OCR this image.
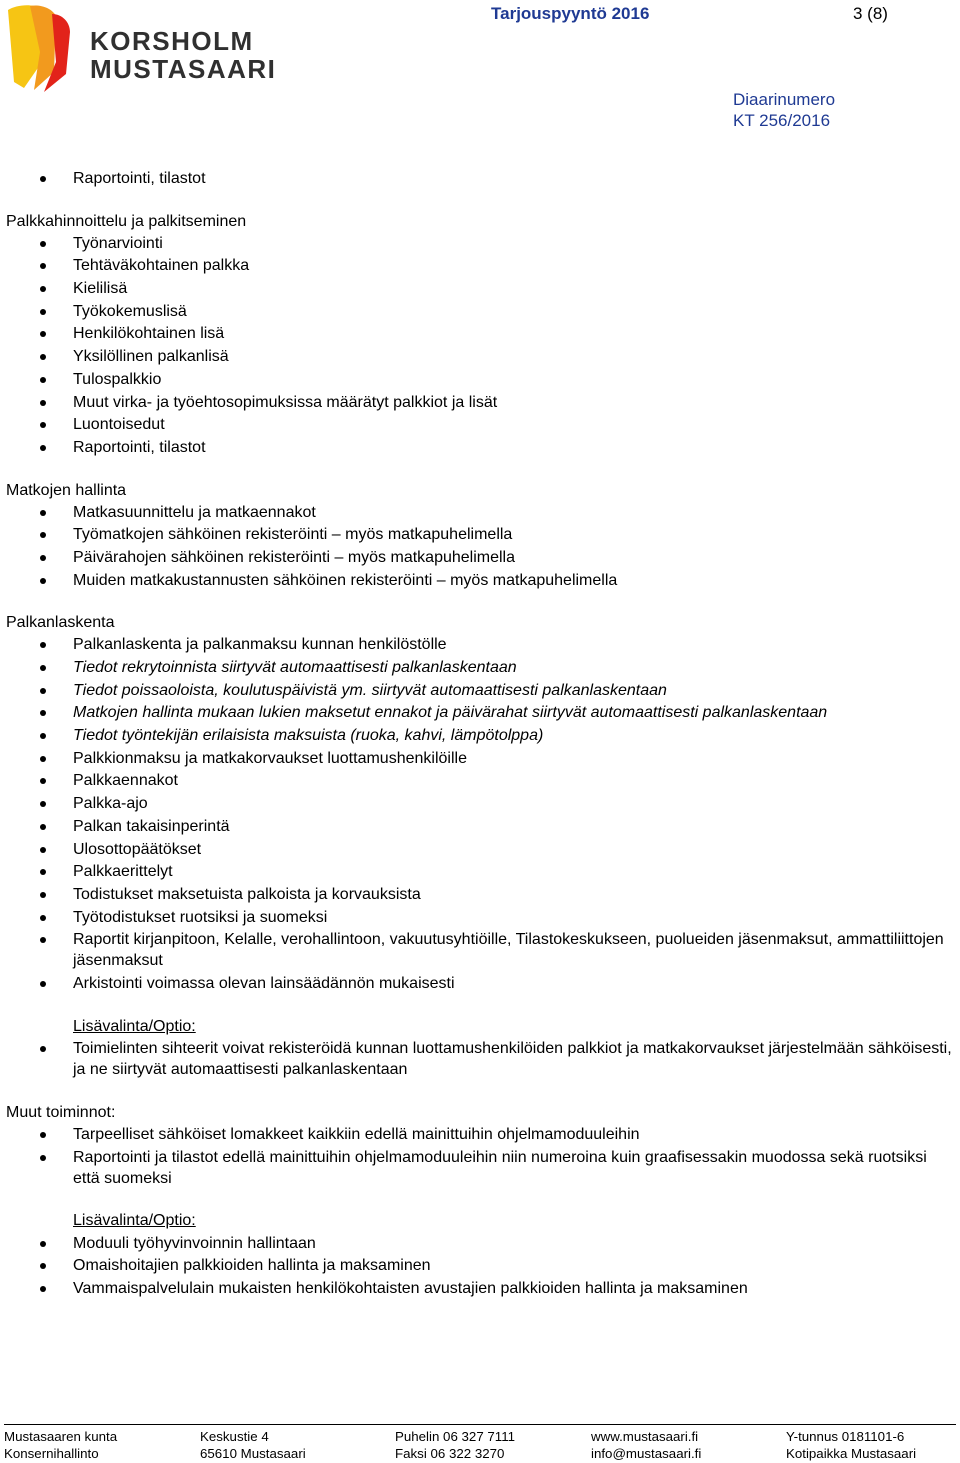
KORSHOLM
MUSTASAARI
Tarjouspyyntö 2016	3 (8)
Diaarinumero
KT 256/2016
Raportointi, tilastot
Palkkahinnoittelu ja palkitseminen
Työnarviointi
Tehtäväkohtainen palkka
Kielilisä
Työkokemuslisä
Henkilökohtainen lisä
Yksilöllinen palkanlisä
Tulospalkkio
Muut virka- ja työehtosopimuksissa määrätyt palkkiot ja lisät
Luontoisedut
Raportointi, tilastot
Matkojen hallinta
Matkasuunnittelu ja matkaennakot
Työmatkojen sähköinen rekisteröinti – myös matkapuhelimella
Päivärahojen sähköinen rekisteröinti – myös matkapuhelimella
Muiden matkakustannusten sähköinen rekisteröinti – myös matkapuhelimella
Palkanlaskenta
Palkanlaskenta ja palkanmaksu kunnan henkilöstölle
Tiedot rekrytoinnista siirtyvät automaattisesti palkanlaskentaan
Tiedot poissaoloista, koulutuspäivistä ym. siirtyvät automaattisesti palkanlaskentaan
Matkojen hallinta mukaan lukien maksetut ennakot ja päivärahat siirtyvät automaattisesti palkanlaskentaan
Tiedot työntekijän erilaisista maksuista (ruoka, kahvi, lämpötolppa)
Palkkionmaksu ja matkakorvaukset luottamushenkilöille
Palkkaennakot
Palkka-ajo
Palkan takaisinperintä
Ulosottopäätökset
Palkkaerittelyt
Todistukset maksetuista palkoista ja korvauksista
Työtodistukset ruotsiksi ja suomeksi
Raportit kirjanpitoon, Kelalle, verohallintoon, vakuutusyhtiöille, Tilastokeskukseen, puolueiden jäsenmaksut, ammattiliittojen jäsenmaksut
Arkistointi voimassa olevan lainsäädännön mukaisesti
Lisävalinta/Optio:
Toimielinten sihteerit voivat rekisteröidä kunnan luottamushenkilöiden palkkiot ja matkakorvaukset järjestelmään sähköisesti, ja ne siirtyvät automaattisesti palkanlaskentaan
Muut toiminnot:
Tarpeelliset sähköiset lomakkeet kaikkiin edellä mainittuihin ohjelmamoduuleihin
Raportointi ja tilastot edellä mainittuihin ohjelmamoduuleihin niin numeroina kuin graafisessakin muodossa sekä ruotsiksi että suomeksi
Lisävalinta/Optio:
Moduuli työhyvinvoinnin hallintaan
Omaishoitajien palkkioiden hallinta ja maksaminen
Vammaispalvelulain mukaisten henkilökohtaisten avustajien palkkioiden hallinta ja maksaminen
Mustasaaren kunta
Konsernihallinto
Keskustie 4
65610 Mustasaari
Puhelin 06 327 7111
Faksi 06 322 3270
www.mustasaari.fi
info@mustasaari.fi
Y-tunnus 0181101-6
Kotipaikka Mustasaari
